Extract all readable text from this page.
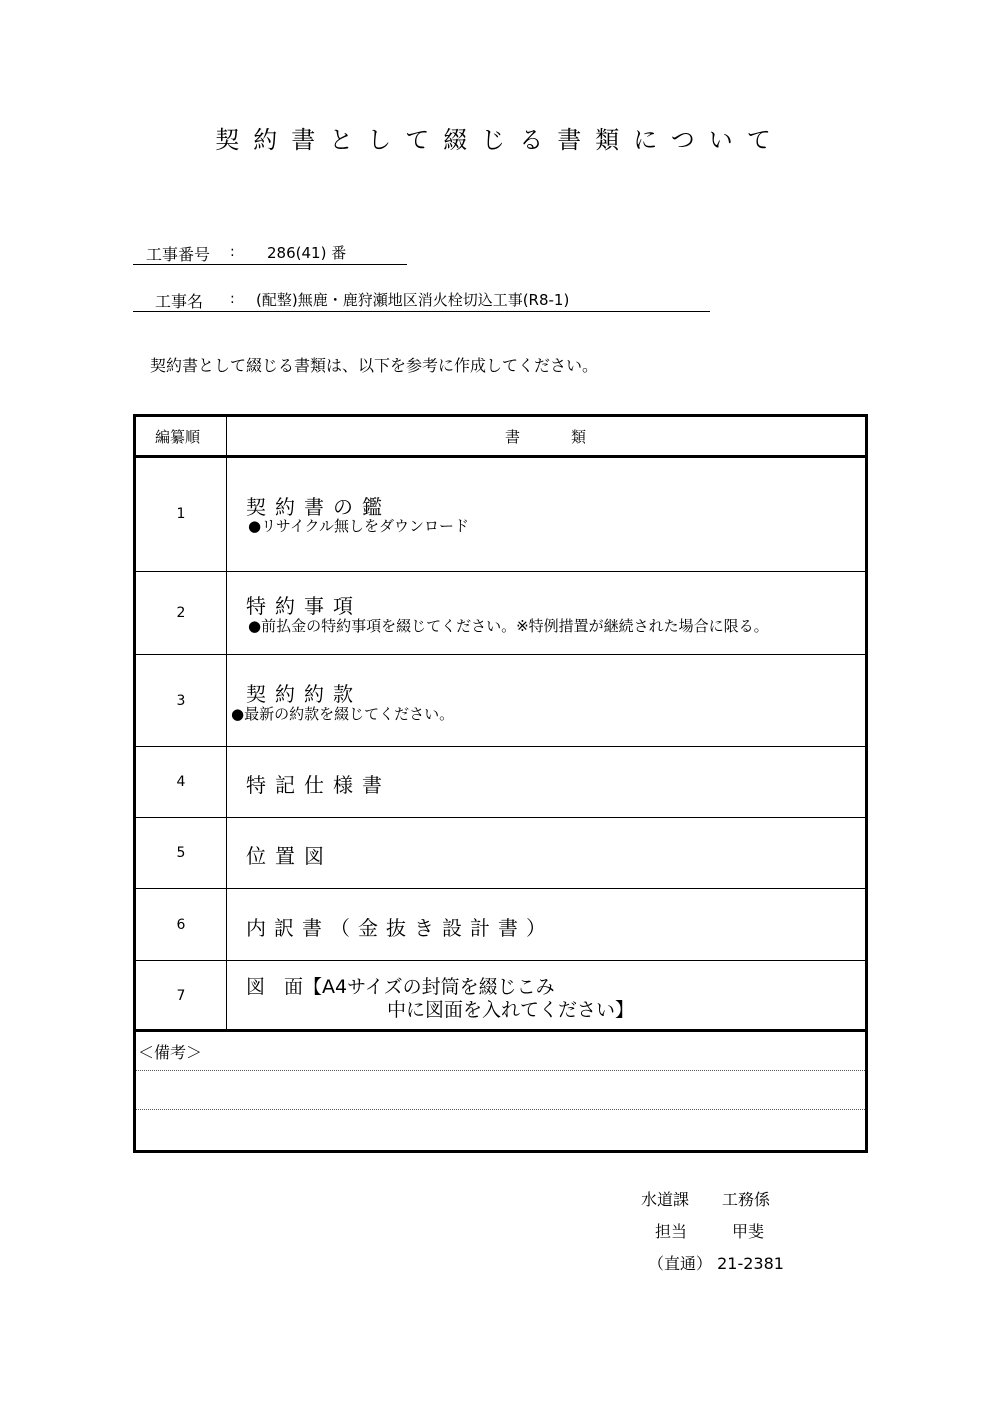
契約書として綴じる書類について
工事番号 : 286(41) 番
工事名 : (配整)無鹿・鹿狩瀬地区消火栓切込工事(R8-1)
契約書として綴じる書類は、以下を参考に作成してください。
編纂順	書	類
1	契約書の鑑
●リサイクル無しをダウンロード
2	特約事項
●前払金の特約事項を綴じてください。※特例措置が継続された場合に限る。
3	契約約款
●最新の約款を綴じてください。
4	特記仕様書
5	位置図
6	内訳書（金抜き設計書）
7	図　面【A4サイズの封筒を綴じこみ
中に図面を入れてください】
＜備考＞
水道課 工務係
担当	甲斐
（直通） 21-2381
